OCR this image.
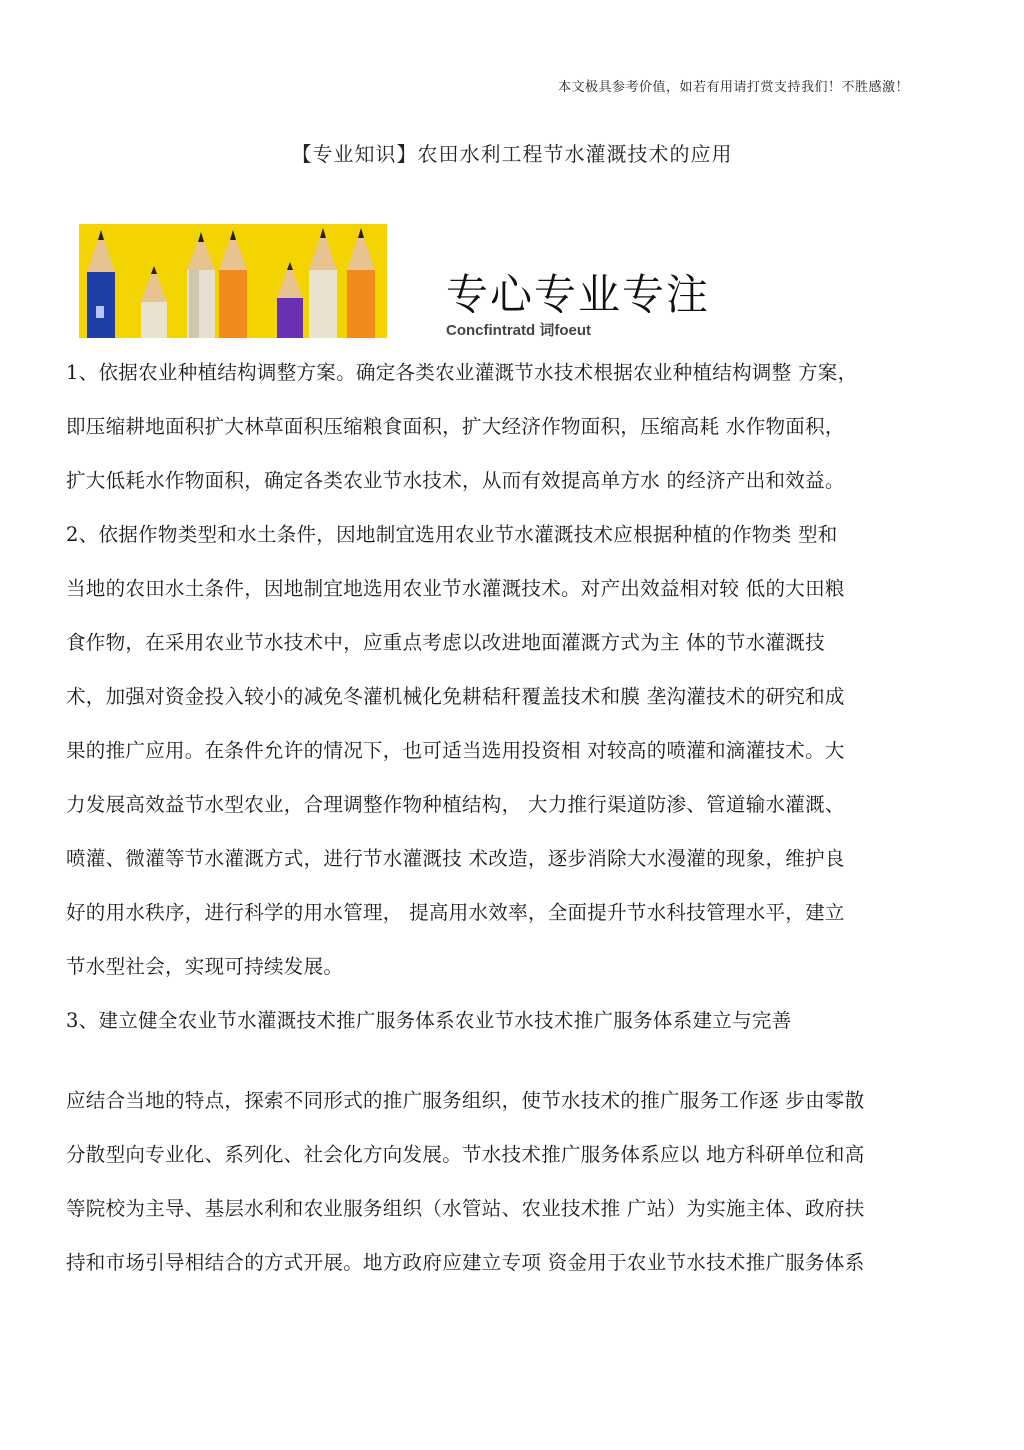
本文极具参考价值，如若有用请打赏支持我们！不胜感激！
【专业知识】农田水利工程节水灌溉技术的应用
专心专业专注
Concfintratd 词foeut

1、依据农业种植结构调整方案。确定各类农业灌溉节水技术根据农业种植结构调整 方案，
即压缩耕地面积扩大林草面积压缩粮食面积，扩大经济作物面积，压缩高耗 水作物面积，
扩大低耗水作物面积，确定各类农业节水技术，从而有效提高单方水 的经济产出和效益。

2、依据作物类型和水土条件，因地制宜选用农业节水灌溉技术应根据种植的作物类 型和
当地的农田水土条件，因地制宜地选用农业节水灌溉技术。对产出效益相对较 低的大田粮
食作物，在采用农业节水技术中，应重点考虑以改进地面灌溉方式为主 体的节水灌溉技
术，加强对资金投入较小的减免冬灌机械化免耕秸秆覆盖技术和膜 垄沟灌技术的研究和成
果的推广应用。在条件允许的情况下，也可适当选用投资相 对较高的喷灌和滴灌技术。大
力发展高效益节水型农业，合理调整作物种植结构， 大力推行渠道防渗、管道输水灌溉、
喷灌、微灌等节水灌溉方式，进行节水灌溉技 术改造，逐步消除大水漫灌的现象，维护良
好的用水秩序，进行科学的用水管理， 提高用水效率，全面提升节水科技管理水平，建立
节水型社会，实现可持续发展。

3、建立健全农业节水灌溉技术推广服务体系农业节水技术推广服务体系建立与完善

应结合当地的特点，探索不同形式的推广服务组织，使节水技术的推广服务工作逐 步由零散
分散型向专业化、系列化、社会化方向发展。节水技术推广服务体系应以 地方科研单位和高
等院校为主导、基层水利和农业服务组织（水管站、农业技术推 广站）为实施主体、政府扶
持和市场引导相结合的方式开展。地方政府应建立专项 资金用于农业节水技术推广服务体系
